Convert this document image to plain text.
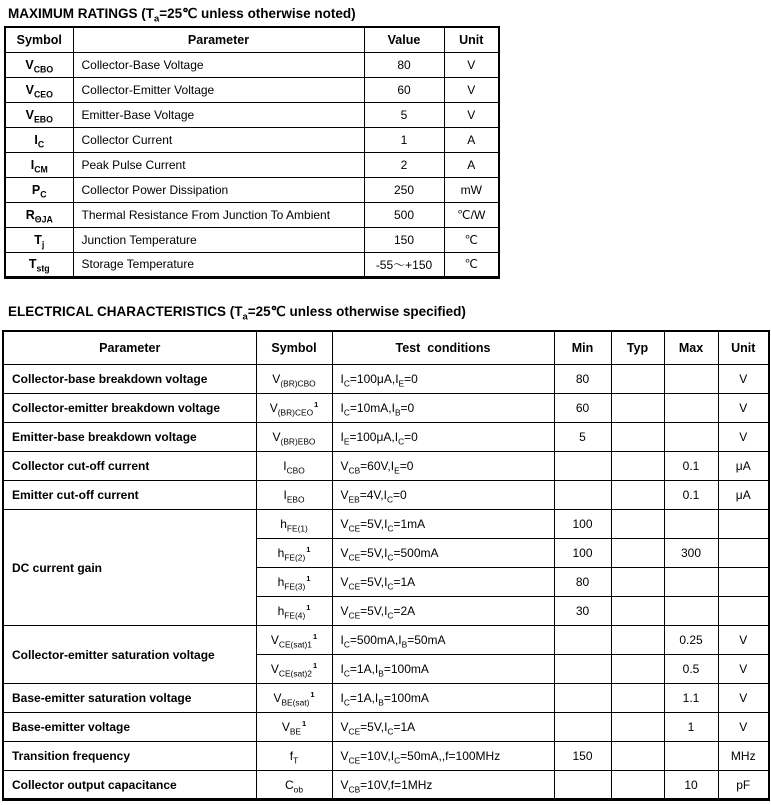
MAXIMUM RATINGS ($T_a=25℃$ unless otherwise noted)
Symbol	Parameter	Value	Unit
$V_{CBO}$	Collector-Base Voltage	80	V
$V_{CEO}$	Collector-Emitter Voltage	60	V
$V_{EBO}$	Emitter-Base Voltage	5	V
$I_C$	Collector Current	1	A
$I_{CM}$	Peak Pulse Current	2	A
$P_C$	Collector Power Dissipation	250	mW
$R_{\Theta JA}$	Thermal Resistance From Junction To Ambient	500	℃/W
$T_j$	Junction Temperature	150	℃
$T_{stg}$	Storage Temperature	-55～+150	℃
ELECTRICAL CHARACTERISTICS ($T_a=25℃$ unless otherwise specified)
Parameter	Symbol	Test  conditions	Min	Typ	Max	Unit
Collector-base breakdown voltage	$V_{(BR)CBO}$	$I_C=100\mu A,I_E=0$	80			V
Collector-emitter breakdown voltage	$V_{(BR)CEO}^1$	$I_C=10mA,I_B=0$	60			V
Emitter-base breakdown voltage	$V_{(BR)EBO}$	$I_E=100\mu A,I_C=0$	5			V
Collector cut-off current	$I_{CBO}$	$V_{CB}=60V,I_E=0$			0.1	μA
Emitter cut-off current	$I_{EBO}$	$V_{EB}=4V,I_C=0$			0.1	μA
DC current gain	$h_{FE(1)}$	$V_{CE}=5V,I_C=1mA$	100			
	$h_{FE(2)}^1$	$V_{CE}=5V,I_C=500mA$	100		300	
	$h_{FE(3)}^1$	$V_{CE}=5V,I_C=1A$	80			
	$h_{FE(4)}^1$	$V_{CE}=5V,I_C=2A$	30			
Collector-emitter saturation voltage	$V_{CE(sat)1}^1$	$I_C=500mA,I_B=50mA$			0.25	V
	$V_{CE(sat)2}^1$	$I_C=1A,I_B=100mA$			0.5	V
Base-emitter saturation voltage	$V_{BE(sat)}^1$	$I_C=1A,I_B=100mA$			1.1	V
Base-emitter voltage	$V_{BE}^1$	$V_{CE}=5V,I_C=1A$			1	V
Transition frequency	$f_T$	$V_{CE}=10V,I_C=50mA,,f=100MHz$	150			MHz
Collector output capacitance	$C_{ob}$	$V_{CB}=10V,f=1MHz$			10	pF
